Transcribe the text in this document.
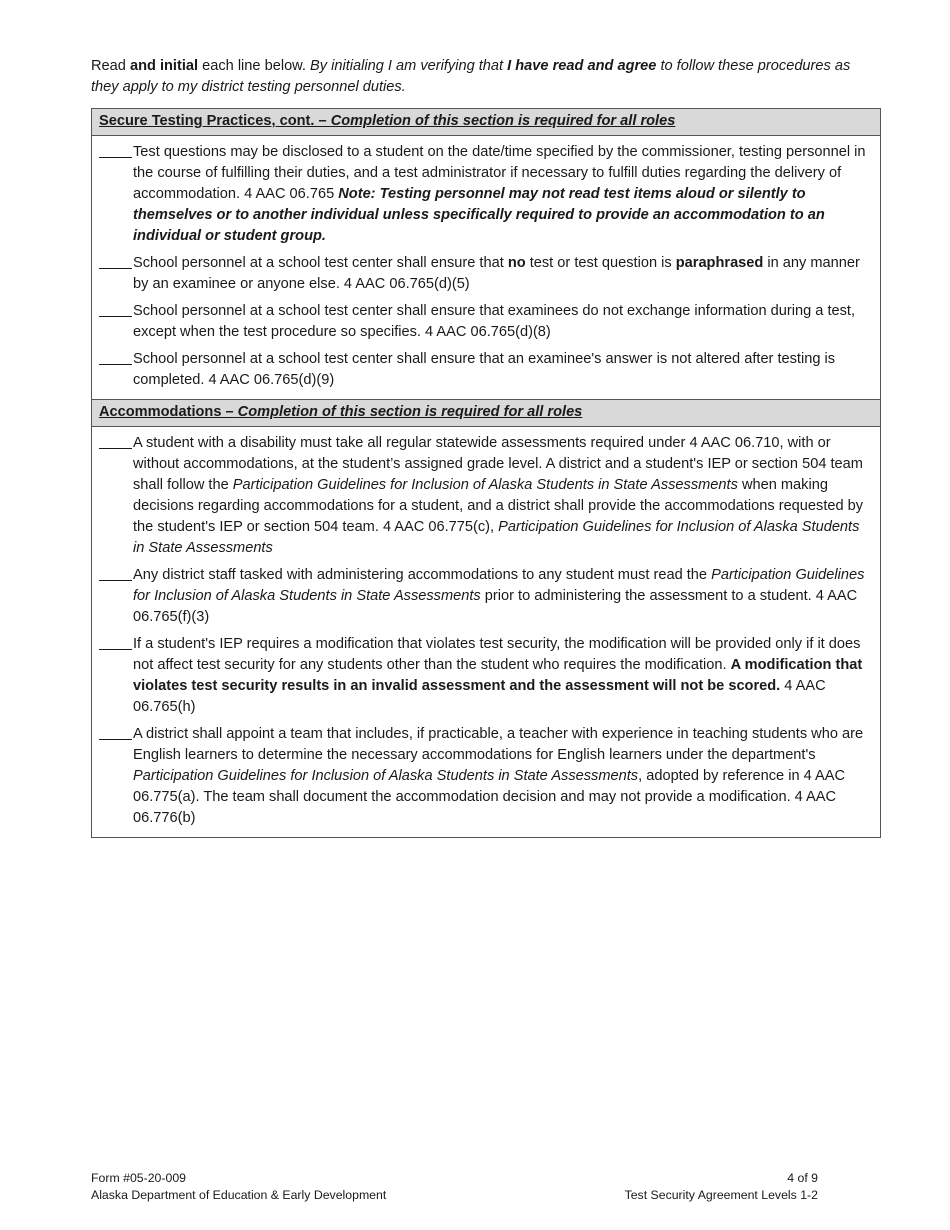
Read and initial each line below. By initialing I am verifying that I have read and agree to follow these procedures as they apply to my district testing personnel duties.

Secure Testing Practices, cont. – Completion of this section is required for all roles
Test questions may be disclosed to a student on the date/time specified by the commissioner, testing personnel in the course of fulfilling their duties, and a test administrator if necessary to fulfill duties regarding the delivery of accommodation. 4 AAC 06.765 Note: Testing personnel may not read test items aloud or silently to themselves or to another individual unless specifically required to provide an accommodation to an individual or student group.
School personnel at a school test center shall ensure that no test or test question is paraphrased in any manner by an examinee or anyone else. 4 AAC 06.765(d)(5)
School personnel at a school test center shall ensure that examinees do not exchange information during a test, except when the test procedure so specifies. 4 AAC 06.765(d)(8)
School personnel at a school test center shall ensure that an examinee's answer is not altered after testing is completed. 4 AAC 06.765(d)(9)
Accommodations – Completion of this section is required for all roles
A student with a disability must take all regular statewide assessments required under 4 AAC 06.710, with or without accommodations, at the student’s assigned grade level. A district and a student's IEP or section 504 team shall follow the Participation Guidelines for Inclusion of Alaska Students in State Assessments when making decisions regarding accommodations for a student, and a district shall provide the accommodations requested by the student's IEP or section 504 team. 4 AAC 06.775(c), Participation Guidelines for Inclusion of Alaska Students in State Assessments
Any district staff tasked with administering accommodations to any student must read the Participation Guidelines for Inclusion of Alaska Students in State Assessments prior to administering the assessment to a student. 4 AAC 06.765(f)(3)
If a student's IEP requires a modification that violates test security, the modification will be provided only if it does not affect test security for any students other than the student who requires the modification. A modification that violates test security results in an invalid assessment and the assessment will not be scored. 4 AAC 06.765(h)
A district shall appoint a team that includes, if practicable, a teacher with experience in teaching students who are English learners to determine the necessary accommodations for English learners under the department's Participation Guidelines for Inclusion of Alaska Students in State Assessments, adopted by reference in 4 AAC 06.775(a). The team shall document the accommodation decision and may not provide a modification. 4 AAC 06.776(b)
Form #05-20-009
Alaska Department of Education & Early Development
4 of 9
Test Security Agreement Levels 1-2
